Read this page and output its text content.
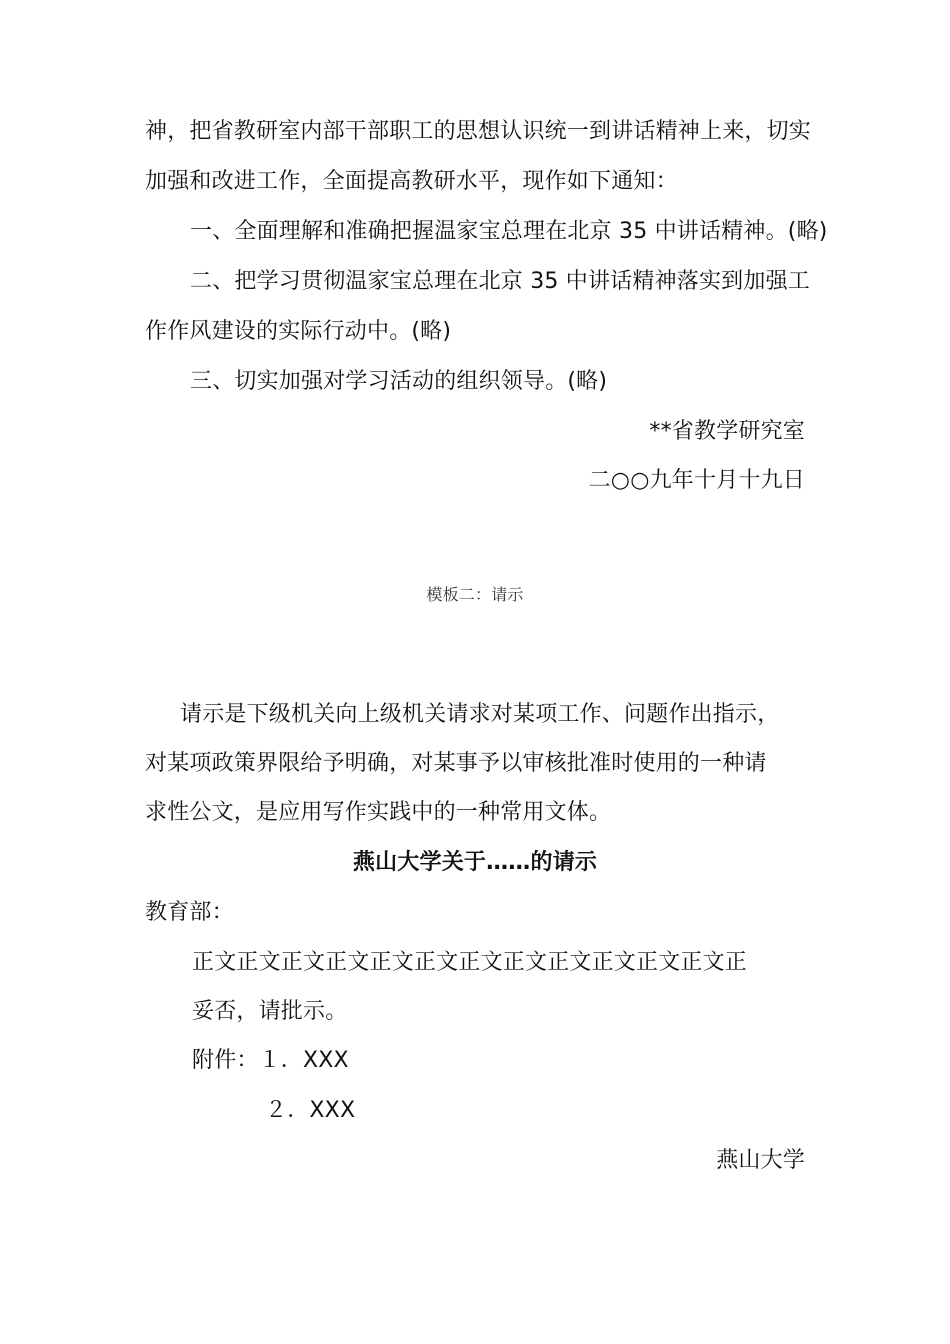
神，把省教研室内部干部职工的思想认识统一到讲话精神上来，切实
加强和改进工作，全面提高教研水平，现作如下通知：
一、全面理解和准确把握温家宝总理在北京 35 中讲话精神。(略)
二、把学习贯彻温家宝总理在北京 35 中讲话精神落实到加强工
作作风建设的实际行动中。(略)
三、切实加强对学习活动的组织领导。(略)
**省教学研究室
二○○九年十月十九日
模板二：请示
请示是下级机关向上级机关请求对某项工作、问题作出指示，
对某项政策界限给予明确，对某事予以审核批准时使用的一种请
求性公文，是应用写作实践中的一种常用文体。
燕山大学关于……的请示
教育部：
正文正文正文正文正文正文正文正文正文正文正文正文正
妥否，请批示。
附件：１．XXX
２．XXX
燕山大学
